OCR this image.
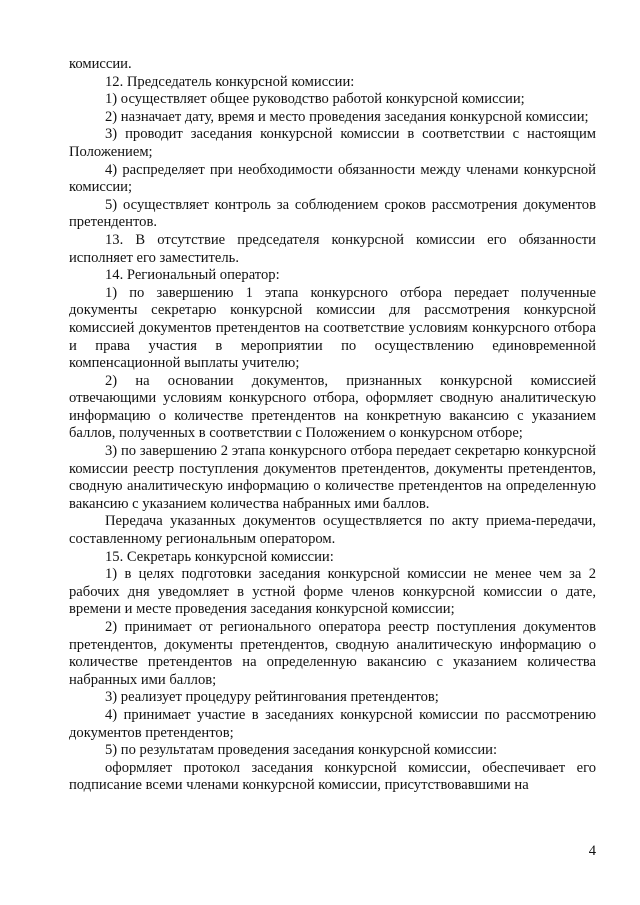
комиссии.

12. Председатель конкурсной комиссии:

1) осуществляет общее руководство работой конкурсной комиссии;

2) назначает дату, время и место проведения заседания конкурсной комиссии;

3) проводит заседания конкурсной комиссии в соответствии с настоящим Положением;

4) распределяет при необходимости обязанности между членами конкурсной комиссии;

5) осуществляет контроль за соблюдением сроков рассмотрения документов претендентов.

13. В отсутствие председателя конкурсной комиссии его обязанности исполняет его заместитель.

14. Региональный оператор:

1) по завершению 1 этапа конкурсного отбора передает полученные документы секретарю конкурсной комиссии для рассмотрения конкурсной комиссией документов претендентов на соответствие условиям конкурсного отбора и права участия в мероприятии по осуществлению единовременной компенсационной выплаты учителю;

2) на основании документов, признанных конкурсной комиссией отвечающими условиям конкурсного отбора, оформляет сводную аналитическую информацию о количестве претендентов на конкретную вакансию с указанием баллов, полученных в соответствии с Положением о конкурсном отборе;

3) по завершению 2 этапа конкурсного отбора передает секретарю конкурсной комиссии реестр поступления документов претендентов, документы претендентов, сводную аналитическую информацию о количестве претендентов на определенную вакансию с указанием количества набранных ими баллов.

Передача указанных документов осуществляется по акту приема-передачи, составленному региональным оператором.

15. Секретарь конкурсной комиссии:

1) в целях подготовки заседания конкурсной комиссии не менее чем за 2 рабочих дня уведомляет в устной форме членов конкурсной комиссии о дате, времени и месте проведения заседания конкурсной комиссии;

2) принимает от регионального оператора реестр поступления документов претендентов, документы претендентов, сводную аналитическую информацию о количестве претендентов на определенную вакансию с указанием количества набранных ими баллов;

3) реализует процедуру рейтингования претендентов;

4) принимает участие в заседаниях конкурсной комиссии по рассмотрению документов претендентов;

5) по результатам проведения заседания конкурсной комиссии:

оформляет протокол заседания конкурсной комиссии, обеспечивает его подписание всеми членами конкурсной комиссии, присутствовавшими на

4
